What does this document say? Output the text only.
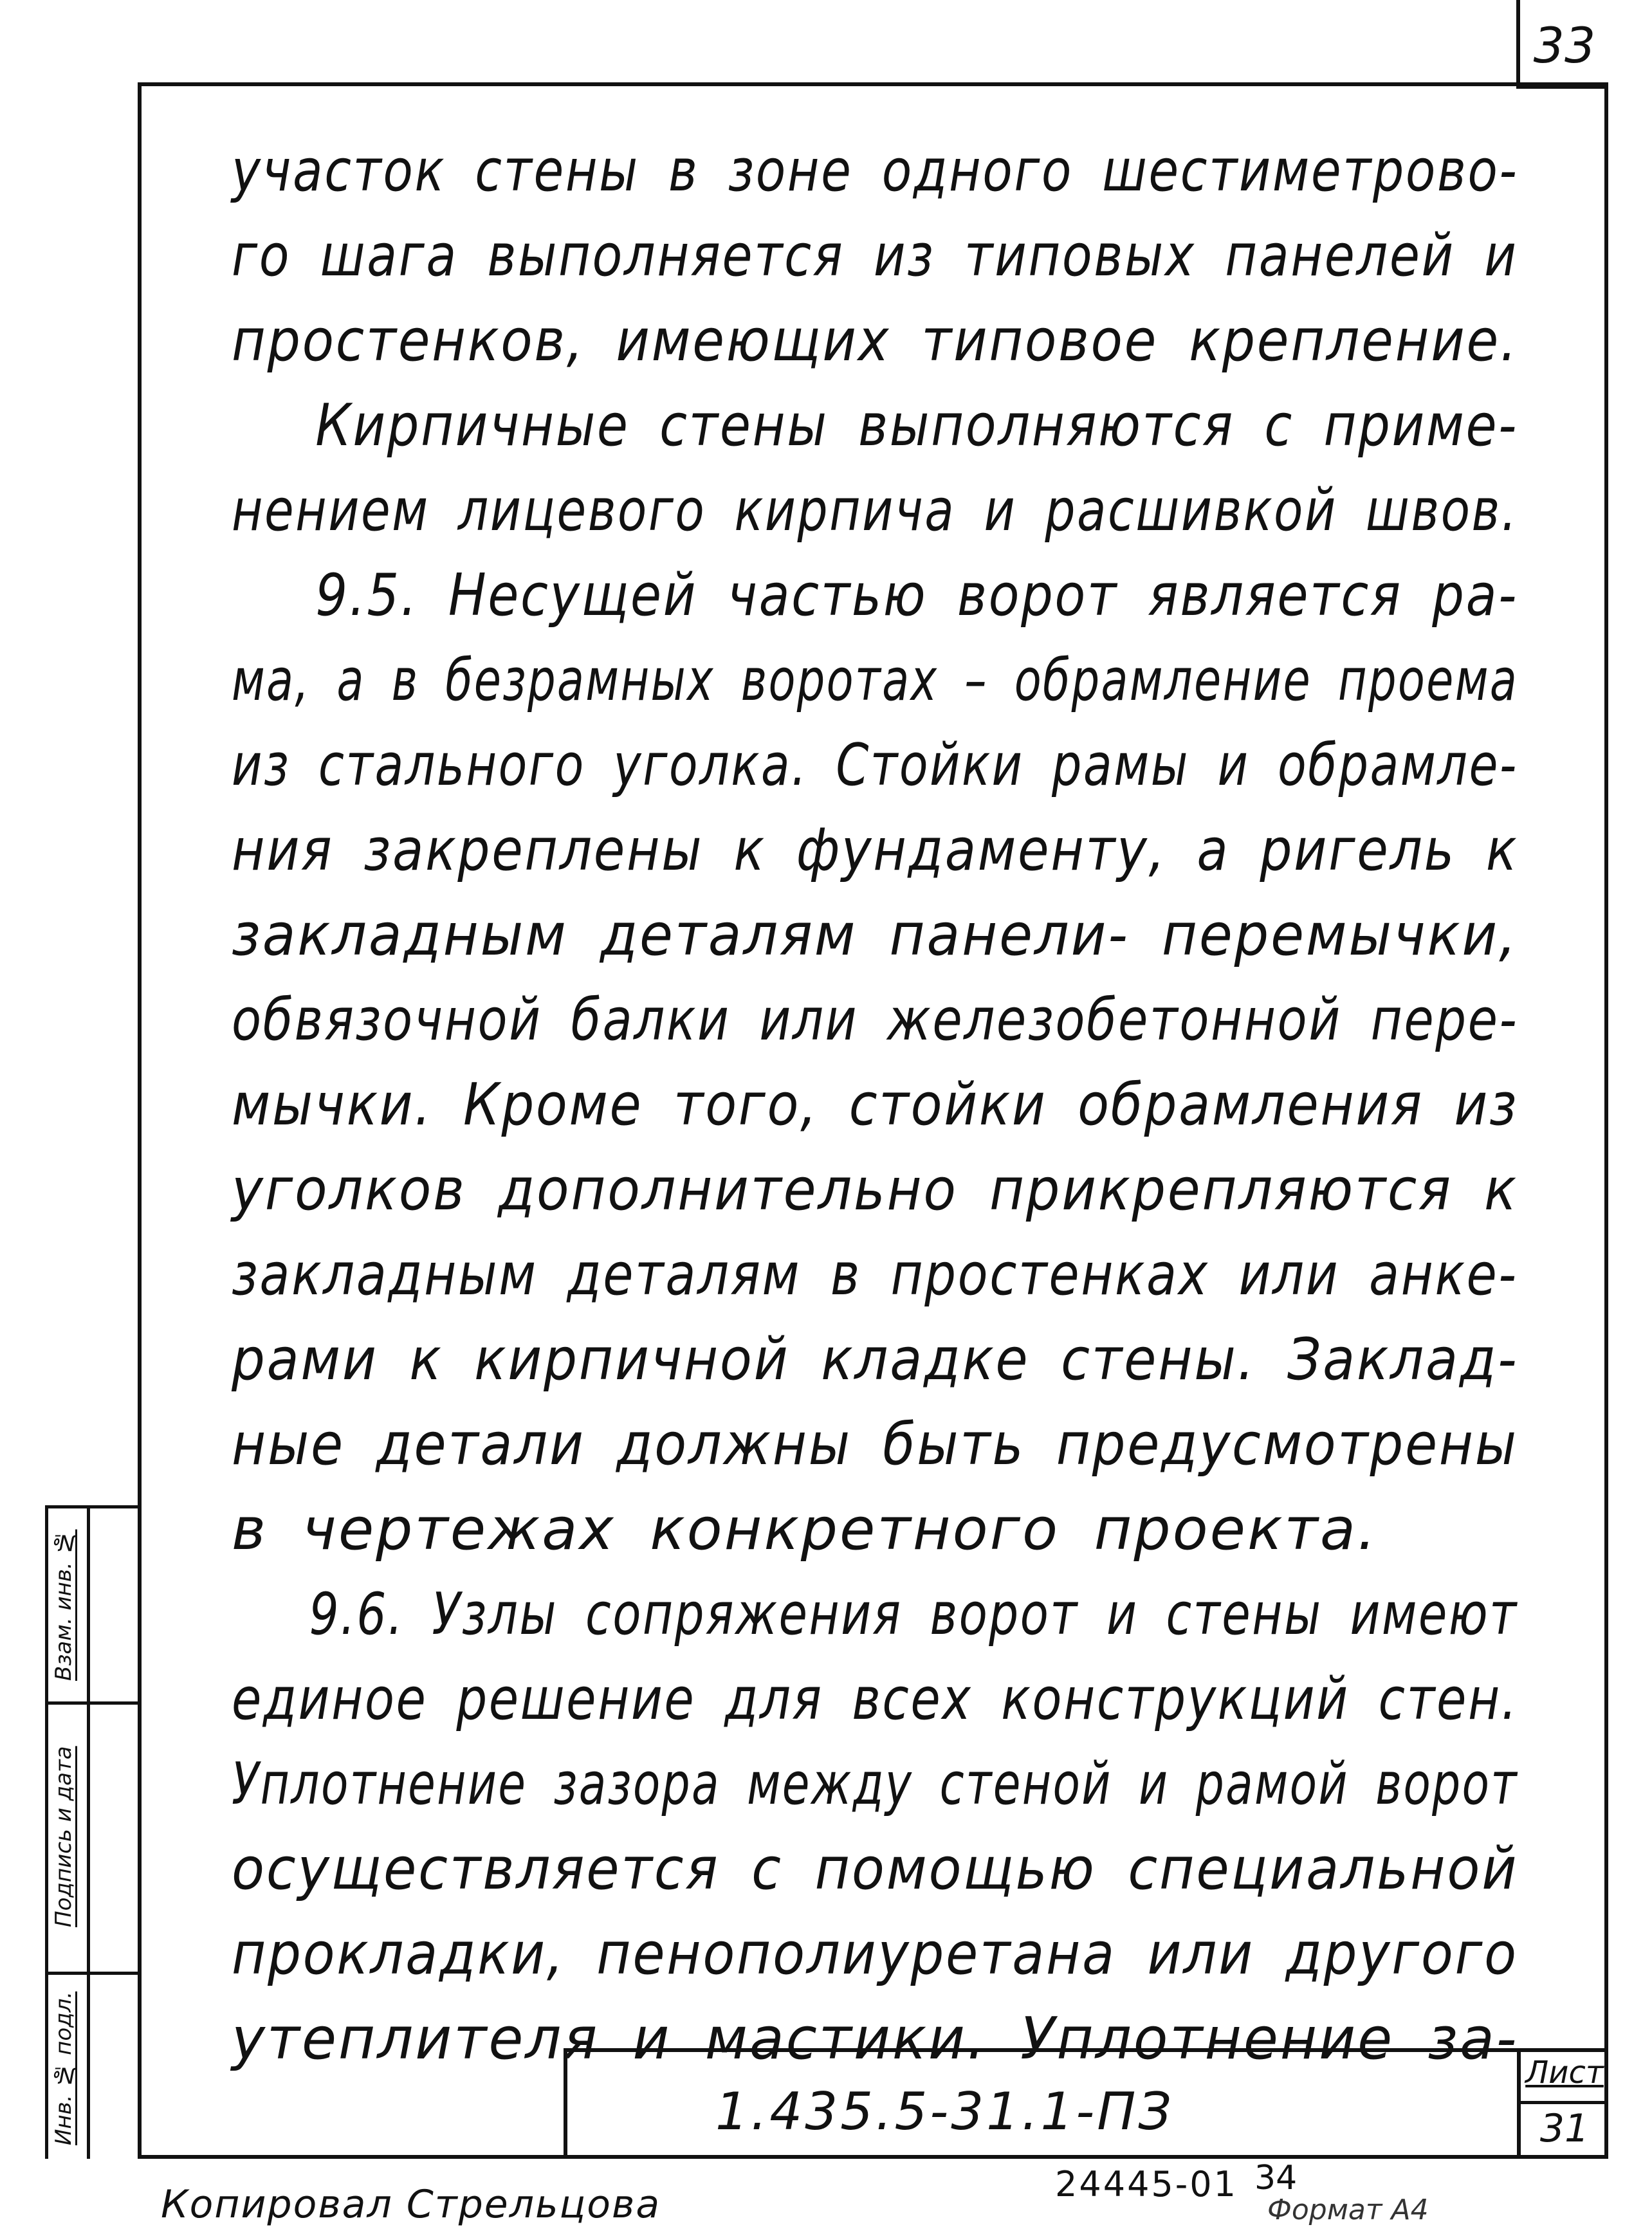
33
участок стены в зоне одного шестиметрово-
го шага выполняется из типовых панелей и
простенков, имеющих типовое крепление.
Кирпичные стены выполняются с приме-
нением лицевого кирпича и расшивкой швов.
9.5. Несущей частью ворот является ра-
ма, а в безрамных воротах – обрамление проема
из стального уголка. Стойки рамы и обрамле-
ния закреплены к фундаменту, а ригель к
закладным деталям панели- перемычки,
обвязочной балки или железобетонной пере-
мычки. Кроме того, стойки обрамления из
уголков дополнительно прикрепляются к
закладным деталям в простенках или анке-
рами к кирпичной кладке стены. Заклад-
ные детали должны быть предусмотрены
в чертежах конкретного проекта.
9.6. Узлы сопряжения ворот и стены имеют
единое решение для всех конструкций стен.
Уплотнение зазора между стеной и рамой ворот
осуществляется с помощью специальной
прокладки, пенополиуретана или другого
утеплителя и мастики. Уплотнение за-
Взам. инв. №
Подпись и дата
Инв. № подл.	1.435.5-31.1-ПЗ
Лист
31
Копировал Стрельцова	24445-01 34
Формат А4
